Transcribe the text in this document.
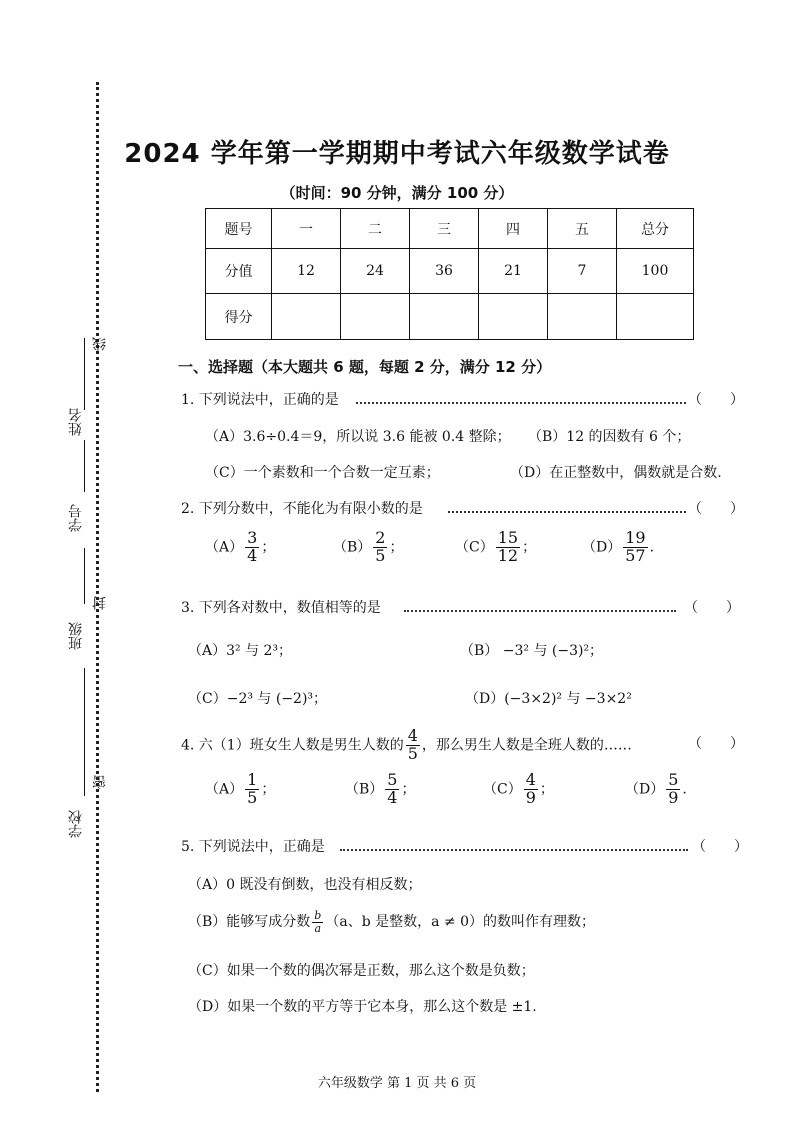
姓名
学号
班级
学校
线
封
密
2024 学年第一学期期中考试六年级数学试卷
（时间：90 分钟，满分 100 分）
题号	一	二	三	四	五	总分
分值	12	24	36	21	7	100
得分						
一、选择题（本大题共 6 题，每题 2 分，满分 12 分）
1. 下列说法中，正确的是	（　　）
（A）3.6÷0.4＝9，所以说 3.6 能被 0.4 整除； （B）12 的因数有 6 个；
（C）一个素数和一个合数一定互素；	（D）在正整数中，偶数就是合数.
2. 下列分数中，不能化为有限小数的是	（　　）
$(A) \frac{3}{4}$ ；	$(B) \frac{2}{5}$ ；	$(C) \frac{15}{12}$ ；	$(D) \frac{19}{57}$ .
3. 下列各对数中，数值相等的是	（　　）
（A）3² 与 2³；	（B） −3² 与 (−3)²；
（C）−2³ 与 (−2)³；	（D）(−3×2)² 与 −3×2²
4. 六（1）班女生人数是男生人数的 $\frac{4}{5}$ ，那么男生人数是全班人数的……	（　　）
$(A) \frac{1}{5}$ ；	$(B) \frac{5}{4}$ ；	$(C) \frac{4}{9}$ ；	$(D) \frac{5}{9}$ .
5. 下列说法中，正确是	（　　）
（A）0 既没有倒数，也没有相反数；
（B）能够写成分数 $\frac{b}{a} (a$、b 是整数，a ≠ 0）的数叫作有理数；
（C）如果一个数的偶次幂是正数，那么这个数是负数；
（D）如果一个数的平方等于它本身，那么这个数是 ±1.
六年级数学 第 1 页 共 6 页
